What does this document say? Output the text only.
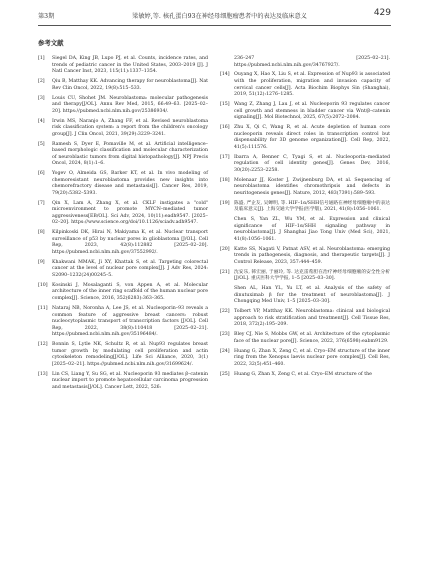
第3期	梁敏婷,等. 核孔蛋白93在神经母细胞瘤患者中的表达及临床意义	429
参考文献
[1] Siegel DA, King JB, Lupo PJ, et al. Counts, incidence rates, and trends of pediatric cancer in the United States, 2003–2019 [J]. J Natl Cancer Inst, 2023, 115(11):1337–1354.
[2] Qiu B, Matthay KK. Advancing therapy for neuroblastoma[J]. Nat Rev Clin Oncol, 2022, 19(8):515–533.
[3] Louis CU, Shohet JM. Neuroblastoma: molecular pathogenesis and therapy[J/OL]. Annu Rev Med, 2015, 66:49–63. [2025–02–20]. https://pubmed.ncbi.nlm.nih.gov/25386934/.
[4] Irwin MS, Naranjo A, Zhang FF, et al. Revised neuroblastoma risk classification system: a report from the children's oncology group[J]. J Clin Oncol, 2021, 39(29):3229–3241.
[5] Ramesh S, Dyer E, Pomaville M, et al. Artificial intelligence–based morphologic classification and molecular characterization of neuroblastic tumors from digital histopathology[J]. NPJ Precis Oncol, 2024, 8(1):1–6.
[6] Yogev O, Almeida GS, Barker KT, et al. In vivo modeling of chemoresistant neuroblastoma provides new insights into chemorefractory disease and metastasis[J]. Cancer Res, 2019, 79(20):5382–5393.
[7] Qin X, Lam A, Zhang X, et al. CKLF instigates a "cold" microenvironment to promote MYCN–mediated tumor aggressiveness[EB/OL]. Sci Adv, 2024, 10(11):eadh9547. [2025–02–20]. https://www.science.org/doi/10.1126/sciadv.adh9547.
[8] Kilpinkoski DK, Hirai N, Makiyama K, et al. Nuclear transport surveillance of p53 by nuclear pores in glioblastoma [J/OL]. Cell Rep, 2023, 42(8):112882 [2025–02–20]. https://pubmed.ncbi.nlm.nih.gov/37552992/.
[9] Khakwani MMAK, Ji XY, Khattak S, et al. Targeting colorectal cancer at the level of nuclear pore complex[J]. J Adv Res, 2024: S2090–1232(24)00245–5.
[10] Kosinski J, Mosalaganti S, von Appen A, et al. Molecular architecture of the inner ring scaffold of the human nuclear pore complex[J]. Science, 2016, 352(6283):363–365.
[11] Nataraj NB, Noronha A, Lee JS, et al. Nucleoporin–93 reveals a common feature of aggressive breast cancers: robust nucleocytoplasmic transport of transcription factors [J/OL]. Cell Rep, 2022, 38(8):110418 [2025–02–21]. https://pubmed.ncbi.nlm.nih.gov/35196484/.
[12] Bonnin S, Lytle NK, Schultz R, et al. Nup93 regulates breast tumor growth by modulating cell proliferation and actin cytoskeleton remodeling[J/OL]. Life Sci Alliance, 2020, 3(1) [2025–02–21]. https://pubmed.ncbi.nlm.nih.gov/31699624/.
[13] Lin CS, Liang Y, Su SG, et al. Nucleoporin 93 mediates β–catenin nuclear import to promote hepatocellular carcinoma progression and metastasis[J/OL]. Cancer Lett, 2022, 526:
236–247 [2025–02–21]. https://pubmed.ncbi.nlm.nih.gov/34767927/.
[14] Ouyang X, Hao X, Liu S, et al. Expression of Nup93 is associated with the proliferation, migration and invasion capacity of cervical cancer cells[J]. Acta Biochim Biophys Sin (Shanghai), 2019, 51(12):1276–1285.
[15] Wang Z, Zhang J, Lau J, et al. Nucleoporin 93 regulates cancer cell growth and stemness in bladder cancer via Wnt/β–catenin signaling[J]. Mol Biotechnol, 2025, 67(5):2072–2084.
[16] Zhu X, Qi C, Wang R, et al. Acute depletion of human core nucleoporin reveals direct roles in transcription control but dispensability for 3D genome organization[J]. Cell Rep, 2022, 41(5):111576.
[17] Ibarra A, Benner C, Tyagi S, et al. Nucleoporin–mediated regulation of cell identity genes[J]. Genes Dev, 2016, 30(20):2253–2258.
[18] Molenaar JJ, Koster J, Zwijnenburg DA, et al. Sequencing of neuroblastoma identifies chromothripsis and defects in neuritogenesis genes[J]. Nature, 2012, 483(7391):589–593.
[19] 陈盛, 严企友, 吴蝉明, 等. HIF–1α/SHH信号通路在神经母细胞瘤中的表达及临床意义[J]. 上海交通大学学报(医学版), 2021, 41(8):1056–1061.
Chen S, Yan ZL, Wu YM, et al. Expression and clinical significance of HIF–1α/SHH signaling pathway in neuroblastoma[J]. J Shanghai Jiao Tong Univ (Med Sci), 2021, 41(8):1056–1061.
[20] Katte SS, Nagati V, Patnat ASV, et al. Neuroblastoma: emerging trends in pathogenesis, diagnosis, and therapeutic targets[J]. J Control Release, 2023, 357:444–459.
[21] 沈安乐, 韩宏丽, 于丽玲, 等. 达克雷希胆在治疗神经母细胞瘤的安全性分析[J/OL]. 重庆医科大学学报, 1–5 [2025–03–30].
Shen AL, Han YL, Yu LT, et al. Analysis of the safety of dinutuximab β for the treatment of neuroblastoma[J]. J Chongqing Med Univ, 1–5 [2025–03–30].
[22] Tolbert VP, Matthay KK. Neuroblastoma: clinical and biological approach to risk stratification and treatment[J]. Cell Tissue Res, 2018, 372(2):195–209.
[23] Bley CJ, Nie S, Mobbs GW, et al. Architecture of the cytoplasmic face of the nuclear pore[J]. Science, 2022, 376(6598):eabm9129.
[24] Huang G, Zhan X, Zeng C, et al. Cryo–EM structure of the inner ring from the Xenopus laevis nuclear pore complex[J]. Cell Res, 2022, 32(5):451–460.
[25] Huang G, Zhan X, Zeng C, et al. Cryo–EM structure of the
